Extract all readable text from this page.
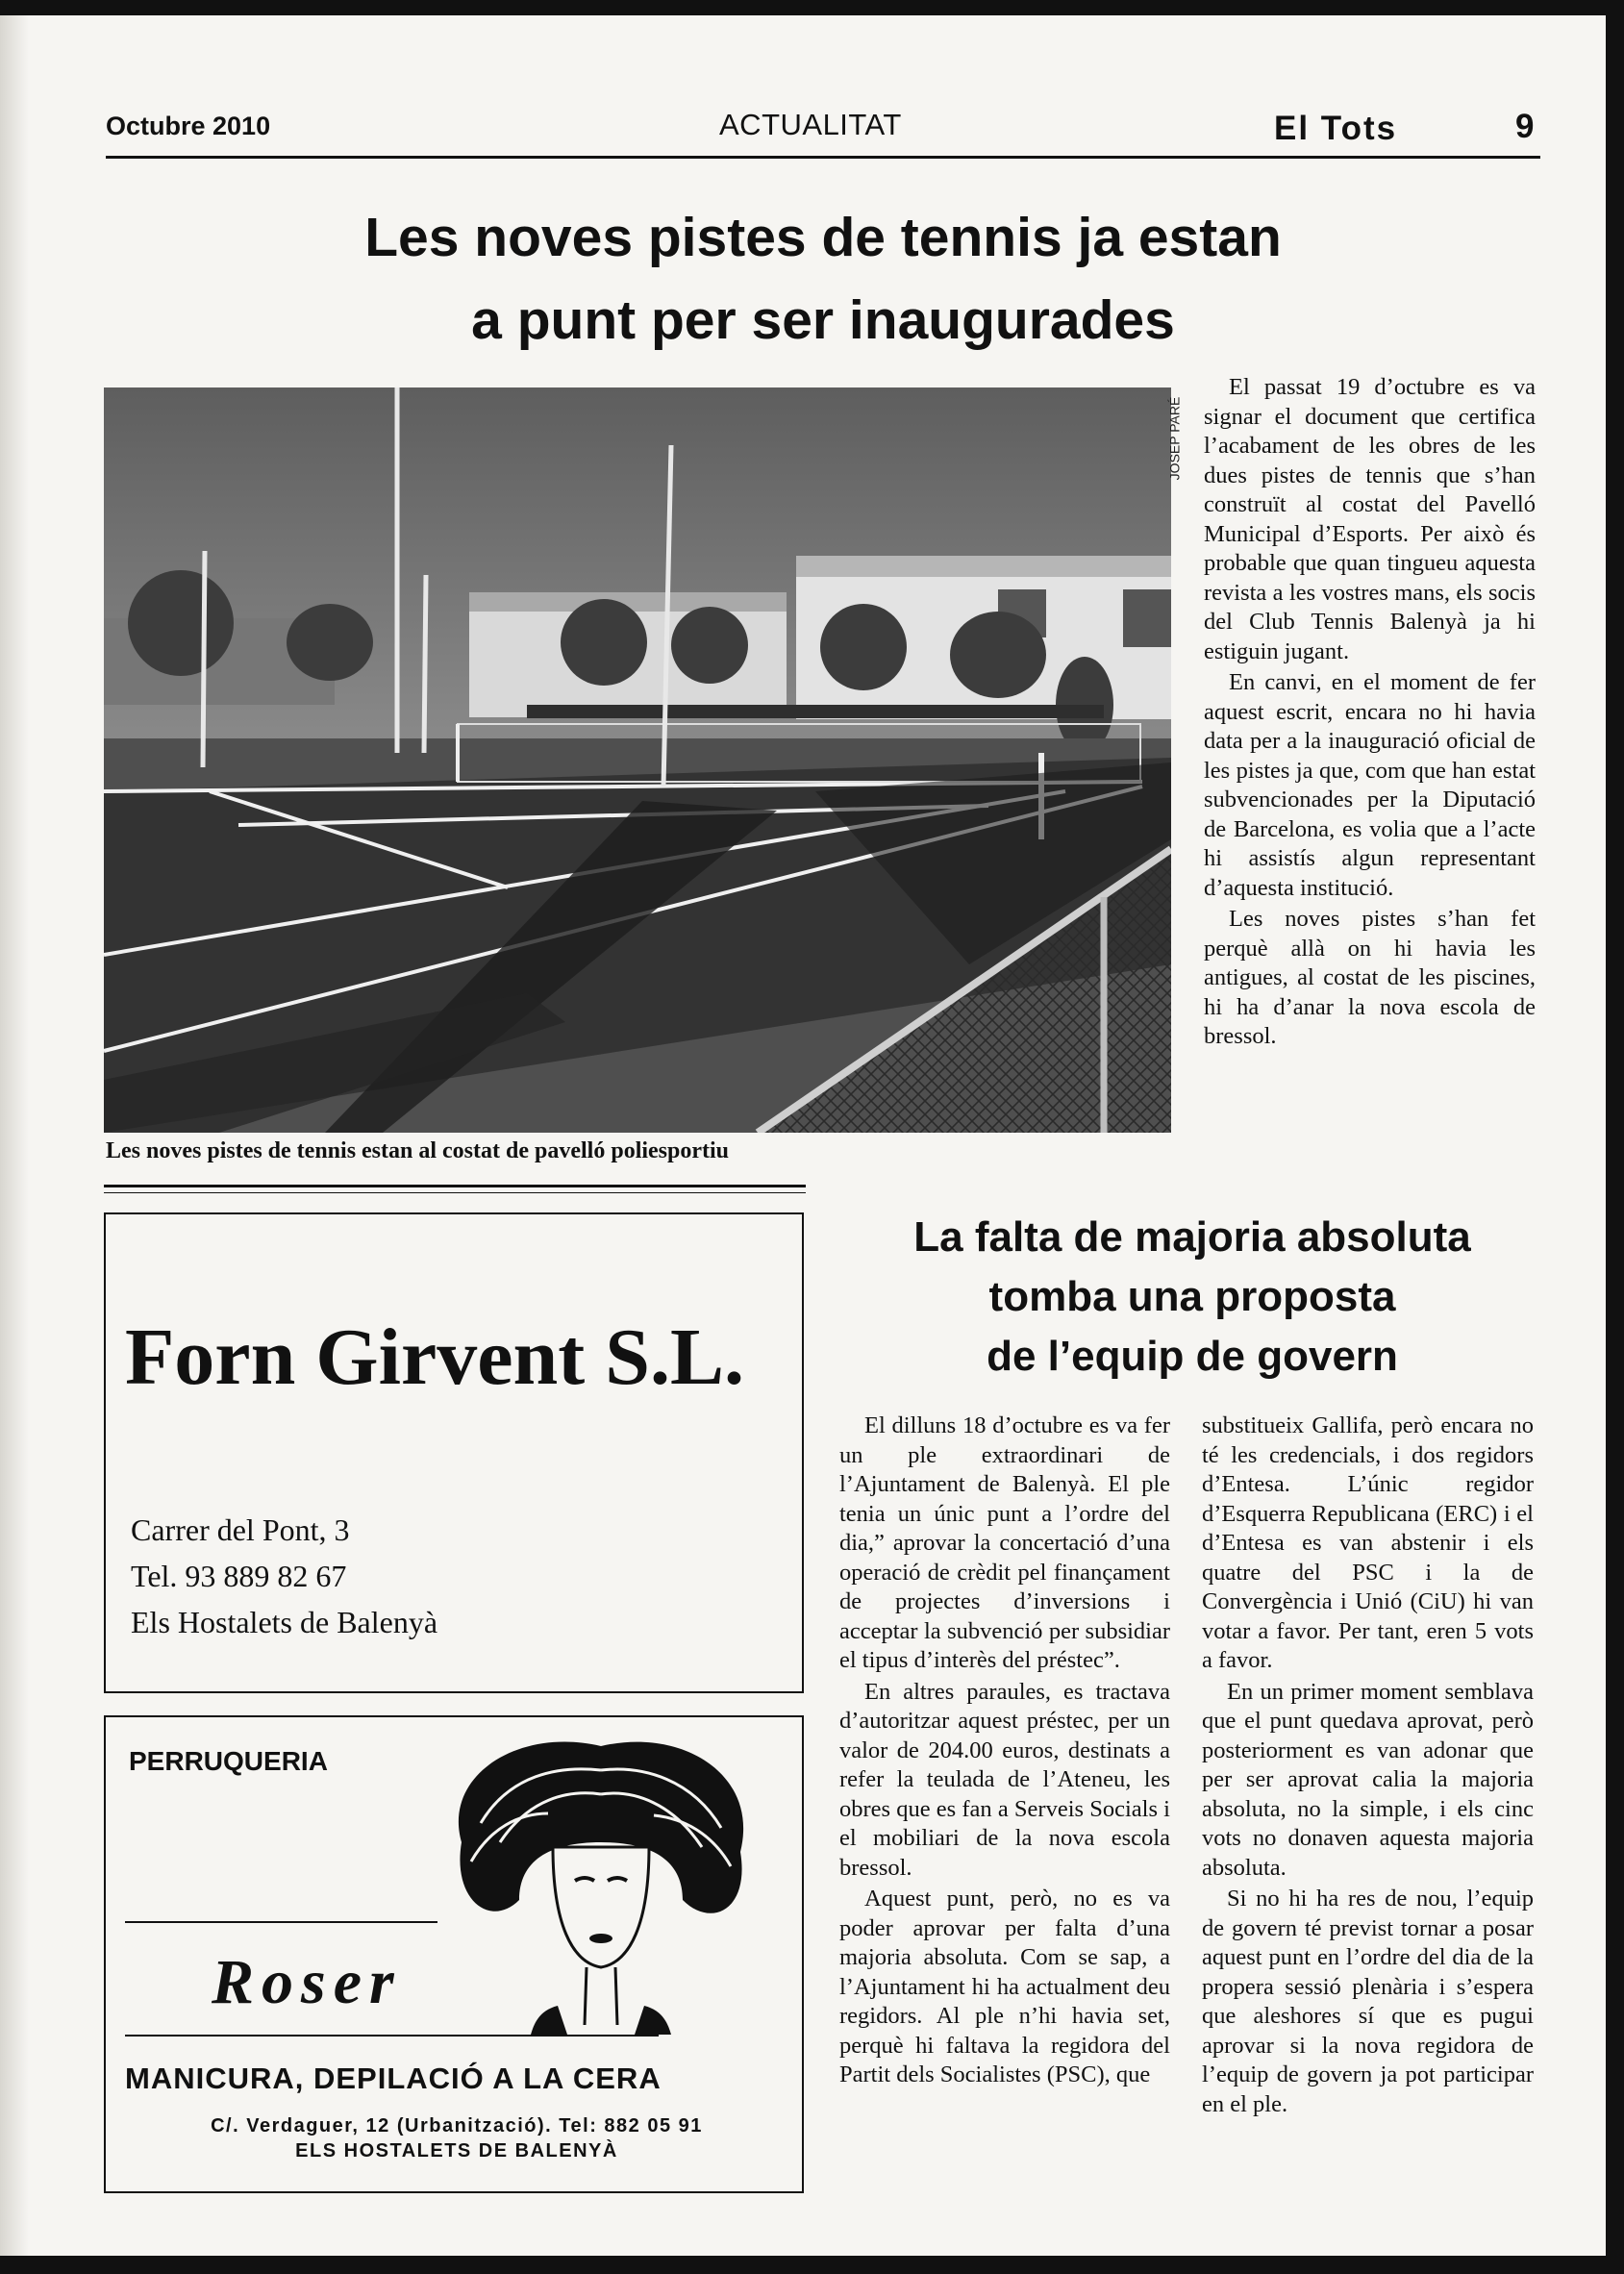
Octubre 2010	ACTUALITAT	El Tots	9
Les noves pistes de tennis ja estan
a punt per ser inaugurades
JOSEP PARÉ
Les noves pistes de tennis estan al costat de pavelló poliesportiu

El passat 19 d’octubre es va signar el document que certifica l’acabament de les obres de les dues pistes de tennis que s’han construït al costat del Pavelló Municipal d’Esports. Per això és probable que quan tingueu aquesta revista a les vostres mans, els socis del Club Tennis Balenyà ja hi estiguin jugant.

En canvi, en el moment de fer aquest escrit, encara no hi havia data per a la inauguració oficial de les pistes ja que, com que han estat subvencionades per la Diputació de Barcelona, es volia que a l’acte hi assistís algun representant d’aquesta institució.

Les noves pistes s’han fet perquè allà on hi havia les antigues, al costat de les piscines, hi ha d’anar la nova escola de bressol.

Forn Girvent S.L.
Carrer del Pont, 3
Tel. 93 889 82 67
Els Hostalets de Balenyà
PERRUQUERIA
Roser
MANICURA, DEPILACIÓ A LA CERA
C/. Verdaguer, 12 (Urbanització). Tel: 882 05 91
ELS HOSTALETS DE BALENYÀ
La falta de majoria absoluta
tomba una proposta
de l’equip de govern

El dilluns 18 d’octubre es va fer un ple extraordinari de l’Ajuntament de Balenyà. El ple tenia un únic punt a l’ordre del dia,” aprovar la concertació d’una operació de crèdit pel finançament de projectes d’inversions i acceptar la subvenció per subsidiar el tipus d’interès del préstec”.

En altres paraules, es tractava d’autoritzar aquest préstec, per un valor de 204.00 euros, destinats a refer la teulada de l’Ateneu, les obres que es fan a Serveis Socials i el mobiliari de la nova escola bressol.

Aquest punt, però, no es va poder aprovar per falta d’una majoria absoluta. Com se sap, a l’Ajuntament hi ha actualment deu regidors. Al ple n’hi havia set, perquè hi faltava la regidora del Partit dels Socialistes (PSC), que

substitueix Gallifa, però encara no té les credencials, i dos regidors d’Entesa. L’únic regidor d’Esquerra Republicana (ERC) i el d’Entesa es van abstenir i els quatre del PSC i la de Convergència i Unió (CiU) hi van votar a favor. Per tant, eren 5 vots a favor.

En un primer moment semblava que el punt quedava aprovat, però posteriorment es van adonar que per ser aprovat calia la majoria absoluta, no la simple, i els cinc vots no donaven aquesta majoria absoluta.

Si no hi ha res de nou, l’equip de govern té previst tornar a posar aquest punt en l’ordre del dia de la propera sessió plenària i s’espera que aleshores sí que es pugui aprovar si la nova regidora de l’equip de govern ja pot participar en el ple.
